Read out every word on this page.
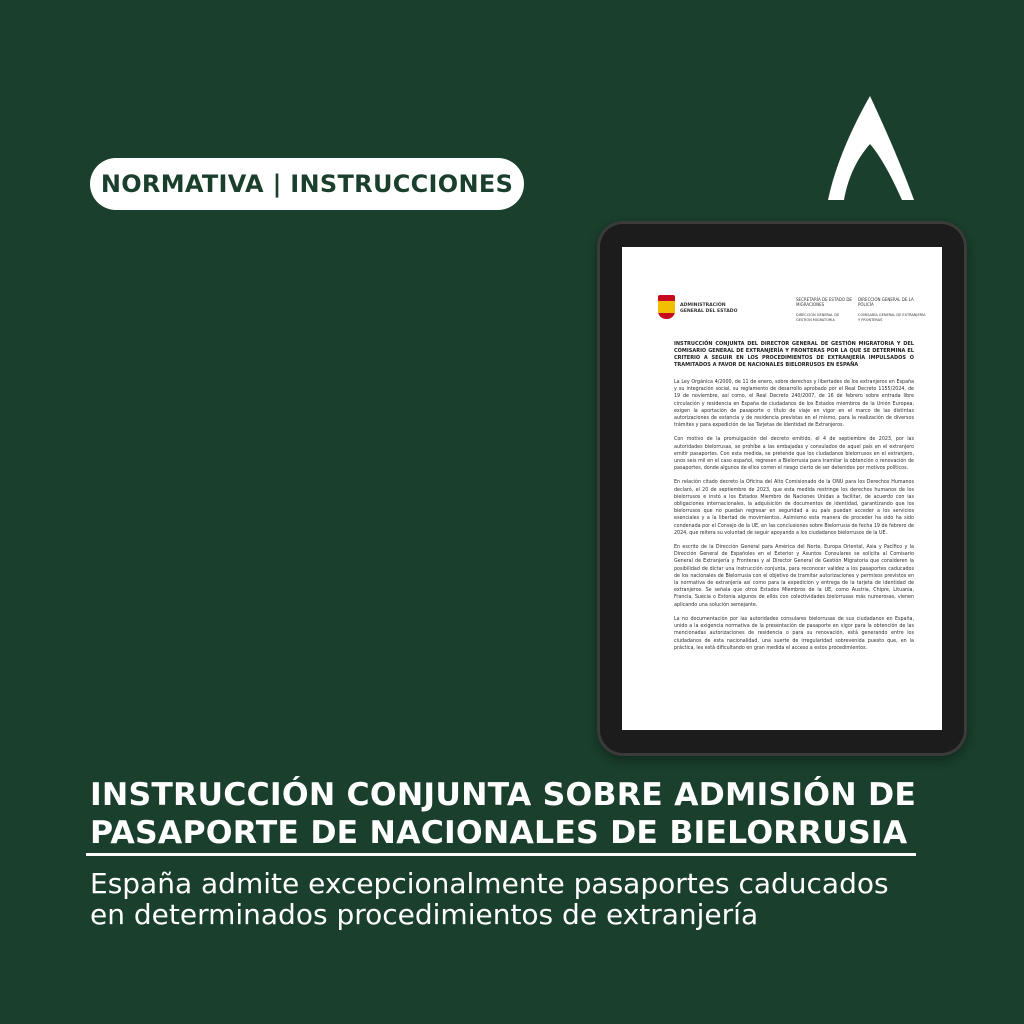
NORMATIVA | INSTRUCCIONES
ADMINISTRACIÓN GENERAL DEL ESTADO
SECRETARÍA DE ESTADO DE MIGRACIONES
DIRECCIÓN GENERAL DE GESTIÓN MIGRATORIA
DIRECCIÓN GENERAL DE LA POLICÍA
COMISARÍA GENERAL DE EXTRANJERÍA Y FRONTERAS
INSTRUCCIÓN CONJUNTA DEL DIRECTOR GENERAL DE GESTIÓN MIGRATORIA Y DEL COMISARIO GENERAL DE EXTRANJERÍA Y FRONTERAS POR LA QUE SE DETERMINA EL CRITERIO A SEGUIR EN LOS PROCEDIMIENTOS DE EXTRANJERÍA IMPULSADOS O TRAMITADOS A FAVOR DE NACIONALES BIELORRUSOS EN ESPAÑA

La Ley Orgánica 4/2000, de 11 de enero, sobre derechos y libertades de los extranjeros en España y su integración social, su reglamento de desarrollo aprobado por el Real Decreto 1155/2024, de 19 de noviembre, así como, el Real Decreto 240/2007, de 16 de febrero sobre entrada libre circulación y residencia en España de ciudadanos de los Estados miembros de la Unión Europea, exigen la aportación de pasaporte o título de viaje en vigor en el marco de las distintas autorizaciones de estancia y de residencia previstas en el mismo, para la realización de diversos trámites y para expedición de las Tarjetas de Identidad de Extranjeros.

Con motivo de la promulgación del decreto emitido, el 4 de septiembre de 2023, por las autoridades bielorrusas, se prohíbe a las embajadas y consulados de aquel país en el extranjero emitir pasaportes. Con esta medida, se pretende que los ciudadanos bielorrusos en el extranjero, unos seis mil en el caso español, regresen a Bielorrusia para tramitar la obtención o renovación de pasaportes, donde algunos de ellos corren el riesgo cierto de ser detenidos por motivos políticos.

En relación citado decreto la Oficina del Alto Comisionado de la ONU para los Derechos Humanos declaró, el 20 de septiembre de 2023, que esta medida restringe los derechos humanos de los bielorrusos e instó a los Estados Miembro de Naciones Unidas a facilitar, de acuerdo con las obligaciones internacionales, la adquisición de documentos de identidad, garantizando que los bielorrusos que no puedan regresar en seguridad a su país puedan acceder a los servicios esenciales y a la libertad de movimientos. Asimismo esta manera de proceder ha sido ha sido condenada por el Consejo de la UE, en las conclusiones sobre Bielorrusia de fecha 19 de febrero de 2024, que reitera su voluntad de seguir apoyando a los ciudadanos bielorrusos de la UE.

En escrito de la Dirección General para América del Norte, Europa Oriental, Asia y Pacífico y la Dirección General de Españoles en el Exterior y Asuntos Consulares se solicita al Comisario General de Extranjería y Fronteras y al Director General de Gestión Migratoria que consideren la posibilidad de dictar una instrucción conjunta, para reconocer validez a los pasaportes caducados de los nacionales de Bielorrusia con el objetivo de tramitar autorizaciones y permisos previstos en la normativa de extranjería así como para la expedición y entrega de la tarjeta de identidad de extranjeros. Se señala que otros Estados Miembros de la UE, como Austria, Chipre, Lituania, Francia, Suecia o Estonia algunos de ellos con colectividades bielorrusas más numerosas, vienen aplicando una solución semejante.

La no documentación por las autoridades consulares bielorrusas de sus ciudadanos en España, unido a la exigencia normativa de la presentación de pasaporte en vigor para la obtención de las mencionadas autorizaciones de residencia o para su renovación, está generando entre los ciudadanos de esta nacionalidad, una suerte de irregularidad sobrevenida puesto que, en la práctica, les está dificultando en gran medida el acceso a estos procedimientos.

INSTRUCCIÓN CONJUNTA SOBRE ADMISIÓN DE PASAPORTE DE NACIONALES DE BIELORRUSIA
España admite excepcionalmente pasaportes caducados en determinados procedimientos de extranjería
